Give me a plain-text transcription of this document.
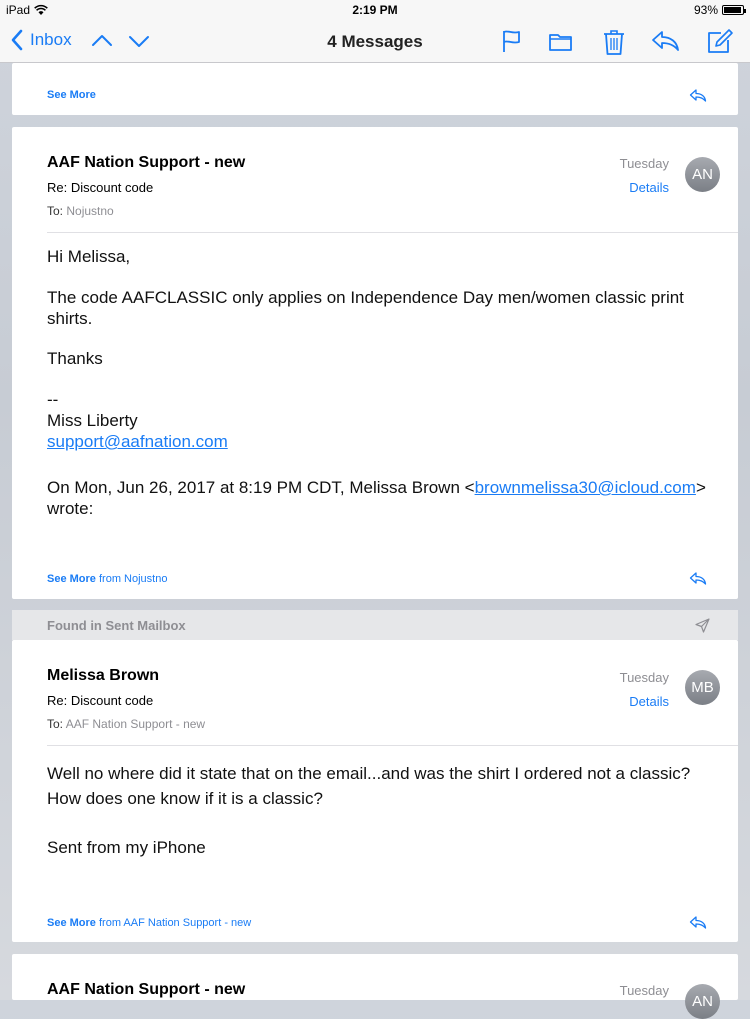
iPad	2:19 PM	93%
Inbox	4 Messages
See More
AAF Nation Support - new
Re: Discount code
To: Nojustno
Tuesday
Details
AN
Hi Melissa,
The code AAFCLASSIC only applies on Independence Day men/women classic print
shirts.
Thanks
--
Miss Liberty
support@aafnation.com
On Mon, Jun 26, 2017 at 8:19 PM CDT, Melissa Brown <brownmelissa30@icloud.com>
wrote:
See More from Nojustno
Found in Sent Mailbox
Melissa Brown
Re: Discount code
To: AAF Nation Support - new
Tuesday
Details
MB
Well no where did it state that on the email...and was the shirt I ordered not a classic?
How does one know if it is a classic?
Sent from my iPhone
See More from AAF Nation Support - new
AAF Nation Support - new	Tuesday
AN
